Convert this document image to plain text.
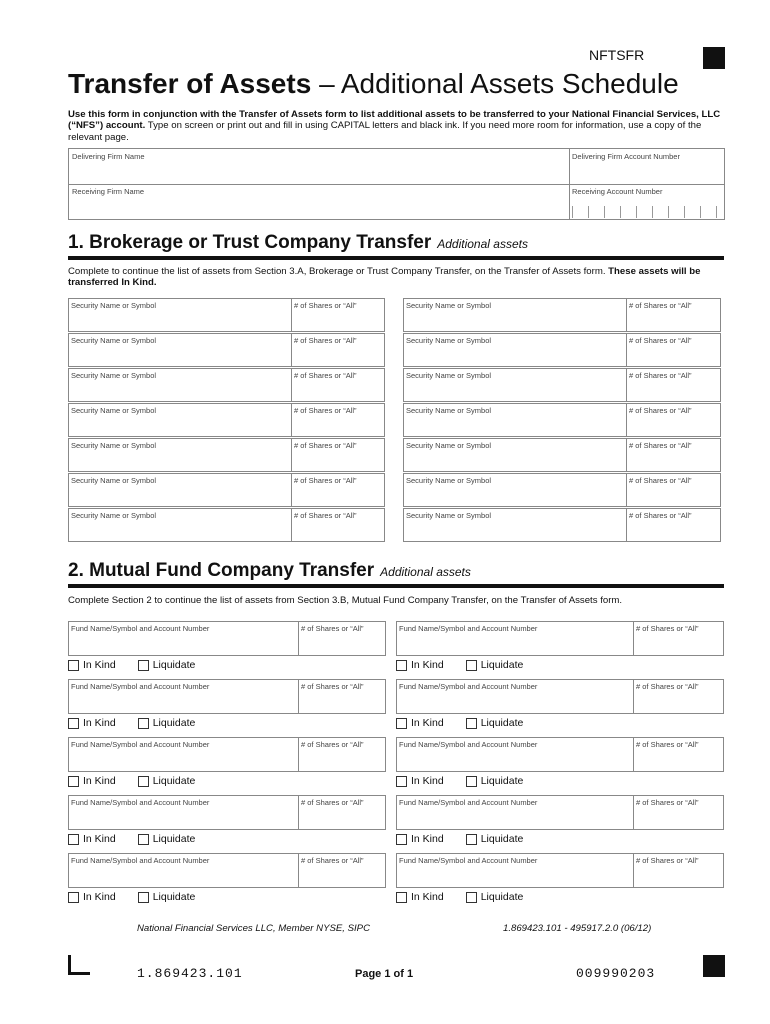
NFTSFR
Transfer of Assets – Additional Assets Schedule
Use this form in conjunction with the Transfer of Assets form to list additional assets to be transferred to your National Financial Services, LLC (“NFS”) account. Type on screen or print out and fill in using CAPITAL letters and black ink. If you need more room for information, use a copy of the relevant page.
Delivering Firm Name	Delivering Firm Account Number
Receiving Firm Name	Receiving Account Number
1. Brokerage or Trust Company Transfer Additional assets
Complete to continue the list of assets from Section 3.A, Brokerage or Trust Company Transfer, on the Transfer of Assets form. These assets will be transferred In Kind.
Security Name or Symbol	# of Shares or “All”	Security Name or Symbol	# of Shares or “All”
Security Name or Symbol	# of Shares or “All”	Security Name or Symbol	# of Shares or “All”
Security Name or Symbol	# of Shares or “All”	Security Name or Symbol	# of Shares or “All”
Security Name or Symbol	# of Shares or “All”	Security Name or Symbol	# of Shares or “All”
Security Name or Symbol	# of Shares or “All”	Security Name or Symbol	# of Shares or “All”
Security Name or Symbol	# of Shares or “All”	Security Name or Symbol	# of Shares or “All”
Security Name or Symbol	# of Shares or “All”	Security Name or Symbol	# of Shares or “All”
2. Mutual Fund Company Transfer Additional assets
Complete Section 2 to continue the list of assets from Section 3.B, Mutual Fund Company Transfer, on the Transfer of Assets form.
Fund Name/Symbol and Account Number	# of Shares or “All”
In Kind	Liquidate
Fund Name/Symbol and Account Number	# of Shares or “All”
In Kind	Liquidate
Fund Name/Symbol and Account Number	# of Shares or “All”
In Kind	Liquidate
Fund Name/Symbol and Account Number	# of Shares or “All”
In Kind	Liquidate
Fund Name/Symbol and Account Number	# of Shares or “All”
In Kind	Liquidate
Fund Name/Symbol and Account Number	# of Shares or “All”
In Kind	Liquidate
Fund Name/Symbol and Account Number	# of Shares or “All”
In Kind	Liquidate
Fund Name/Symbol and Account Number	# of Shares or “All”
In Kind	Liquidate
Fund Name/Symbol and Account Number	# of Shares or “All”
In Kind	Liquidate
Fund Name/Symbol and Account Number	# of Shares or “All”
In Kind	Liquidate
National Financial Services LLC, Member NYSE, SIPC	1.869423.101 - 495917.2.0 (06/12)
1.869423.101	Page 1 of 1	009990203
